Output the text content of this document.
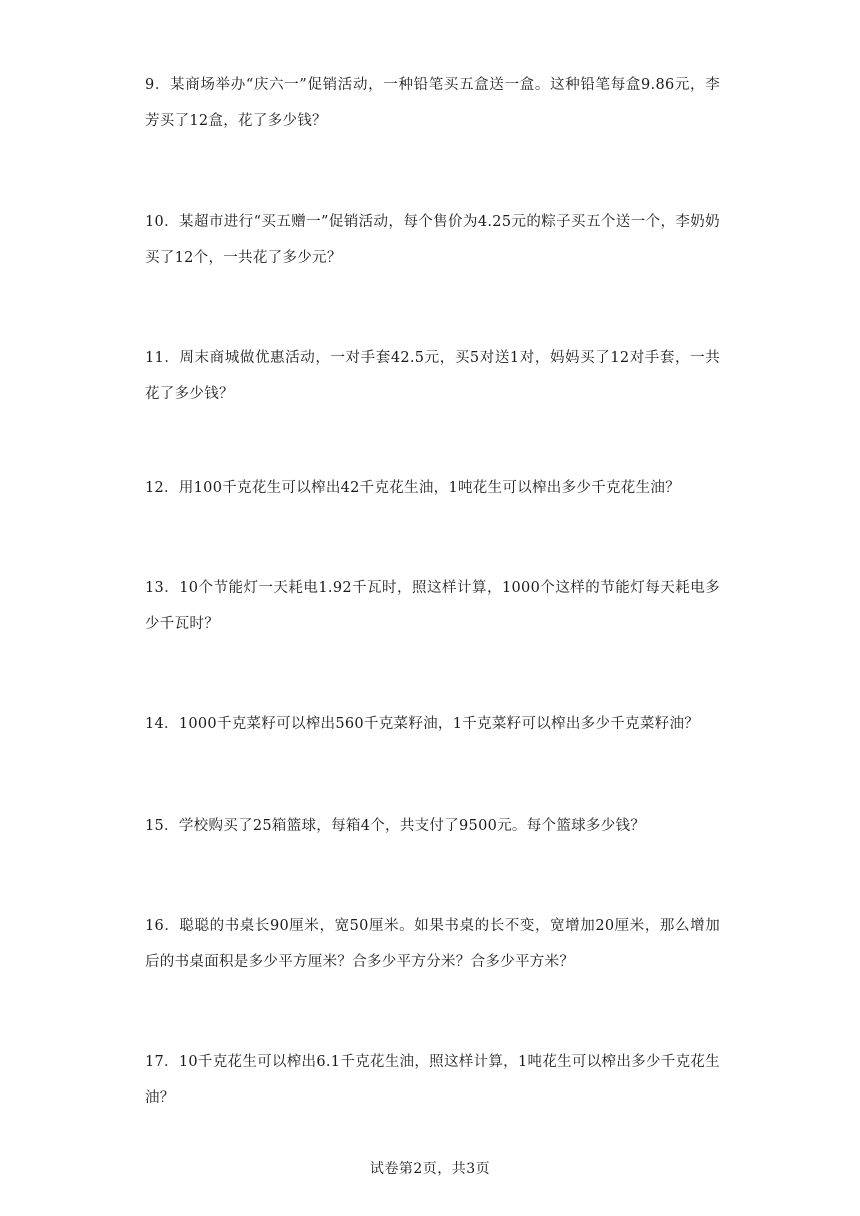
9．某商场举办“庆六一”促销活动，一种铅笔买五盒送一盒。这种铅笔每盒9.86元，李芳买了12盒，花了多少钱？

10．某超市进行“买五赠一”促销活动，每个售价为4.25元的粽子买五个送一个，李奶奶买了12个，一共花了多少元？

11．周末商城做优惠活动，一对手套42.5元，买5对送1对，妈妈买了12对手套，一共花了多少钱？

12．用100千克花生可以榨出42千克花生油，1吨花生可以榨出多少千克花生油？

13．10个节能灯一天耗电1.92千瓦时，照这样计算，1000个这样的节能灯每天耗电多少千瓦时？

14．1000千克菜籽可以榨出560千克菜籽油，1千克菜籽可以榨出多少千克菜籽油？

15．学校购买了25箱篮球，每箱4个，共支付了9500元。每个篮球多少钱？

16．聪聪的书桌长90厘米，宽50厘米。如果书桌的长不变，宽增加20厘米，那么增加后的书桌面积是多少平方厘米？合多少平方分米？合多少平方米？

17．10千克花生可以榨出6.1千克花生油，照这样计算，1吨花生可以榨出多少千克花生油？

试卷第2页，共3页
